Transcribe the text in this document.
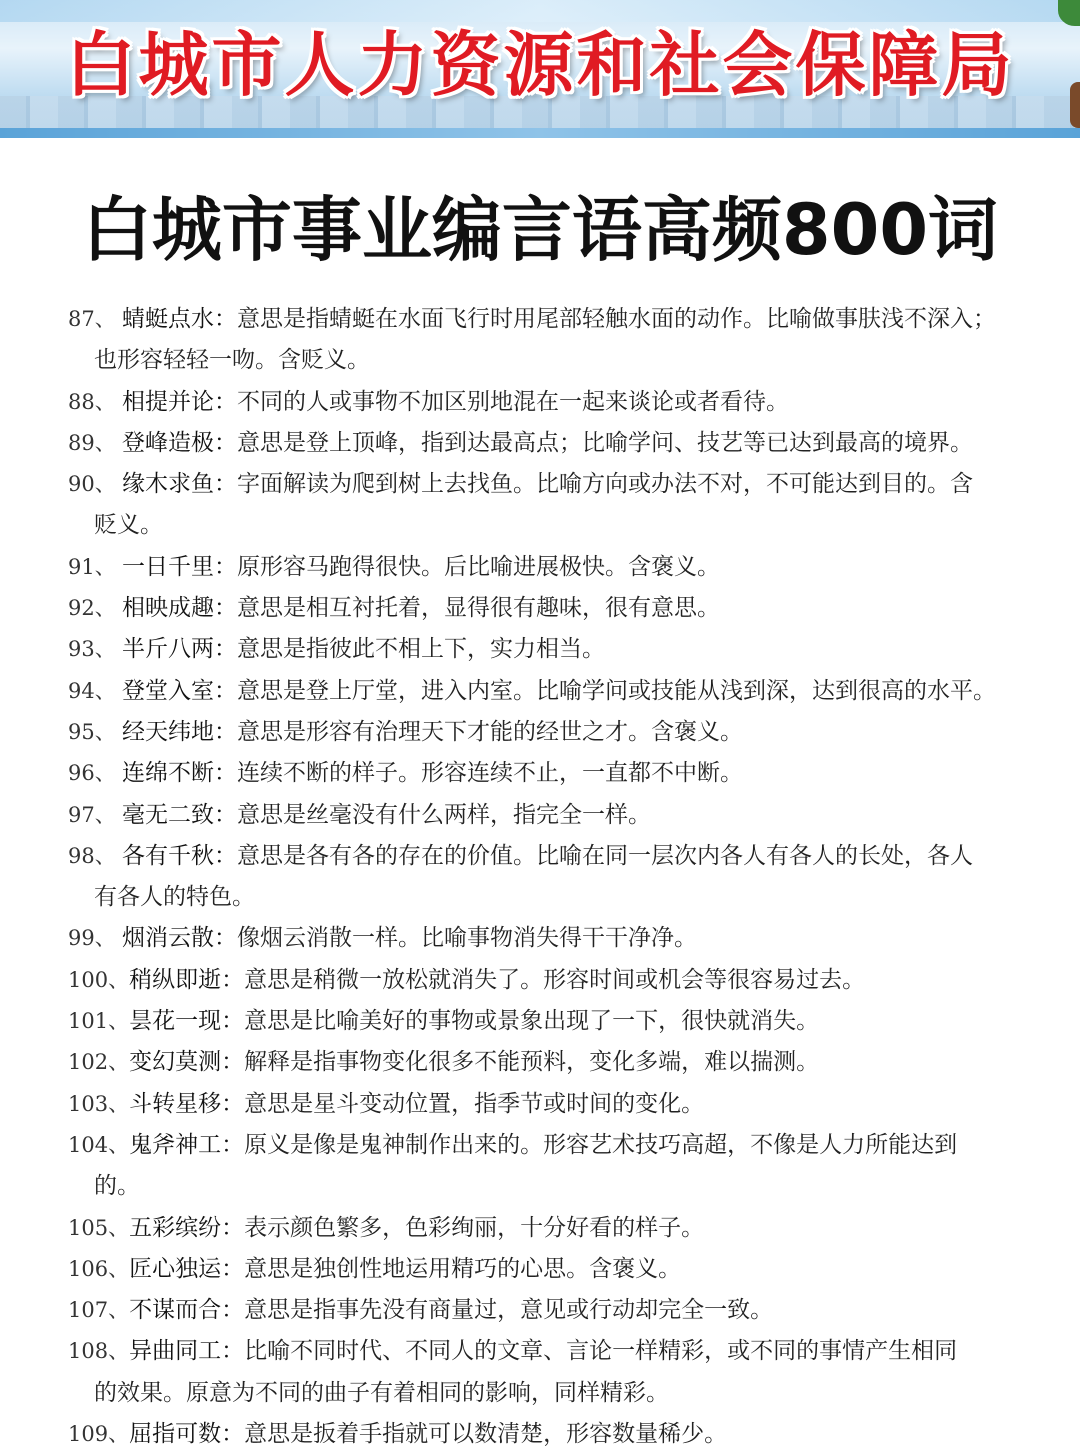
白城市人力资源和社会保障局
白城市事业编言语高频800词
87、 蜻蜓点水：意思是指蜻蜓在水面飞行时用尾部轻触水面的动作。比喻做事肤浅不深入；
也形容轻轻一吻。含贬义。
88、 相提并论：不同的人或事物不加区别地混在一起来谈论或者看待。
89、 登峰造极：意思是登上顶峰，指到达最高点；比喻学问、技艺等已达到最高的境界。
90、 缘木求鱼：字面解读为爬到树上去找鱼。比喻方向或办法不对，不可能达到目的。含
贬义。
91、 一日千里：原形容马跑得很快。后比喻进展极快。含褒义。
92、 相映成趣：意思是相互衬托着，显得很有趣味，很有意思。
93、 半斤八两：意思是指彼此不相上下，实力相当。
94、 登堂入室：意思是登上厅堂，进入内室。比喻学问或技能从浅到深，达到很高的水平。
95、 经天纬地：意思是形容有治理天下才能的经世之才。含褒义。
96、 连绵不断：连续不断的样子。形容连续不止，一直都不中断。
97、 毫无二致：意思是丝毫没有什么两样，指完全一样。
98、 各有千秋：意思是各有各的存在的价值。比喻在同一层次内各人有各人的长处，各人
有各人的特色。
99、 烟消云散：像烟云消散一样。比喻事物消失得干干净净。
100、稍纵即逝：意思是稍微一放松就消失了。形容时间或机会等很容易过去。
101、昙花一现：意思是比喻美好的事物或景象出现了一下，很快就消失。
102、变幻莫测：解释是指事物变化很多不能预料，变化多端，难以揣测。
103、斗转星移：意思是星斗变动位置，指季节或时间的变化。
104、鬼斧神工：原义是像是鬼神制作出来的。形容艺术技巧高超，不像是人力所能达到
的。
105、五彩缤纷：表示颜色繁多，色彩绚丽，十分好看的样子。
106、匠心独运：意思是独创性地运用精巧的心思。含褒义。
107、不谋而合：意思是指事先没有商量过，意见或行动却完全一致。
108、异曲同工：比喻不同时代、不同人的文章、言论一样精彩，或不同的事情产生相同
的效果。原意为不同的曲子有着相同的影响，同样精彩。
109、屈指可数：意思是扳着手指就可以数清楚，形容数量稀少。
